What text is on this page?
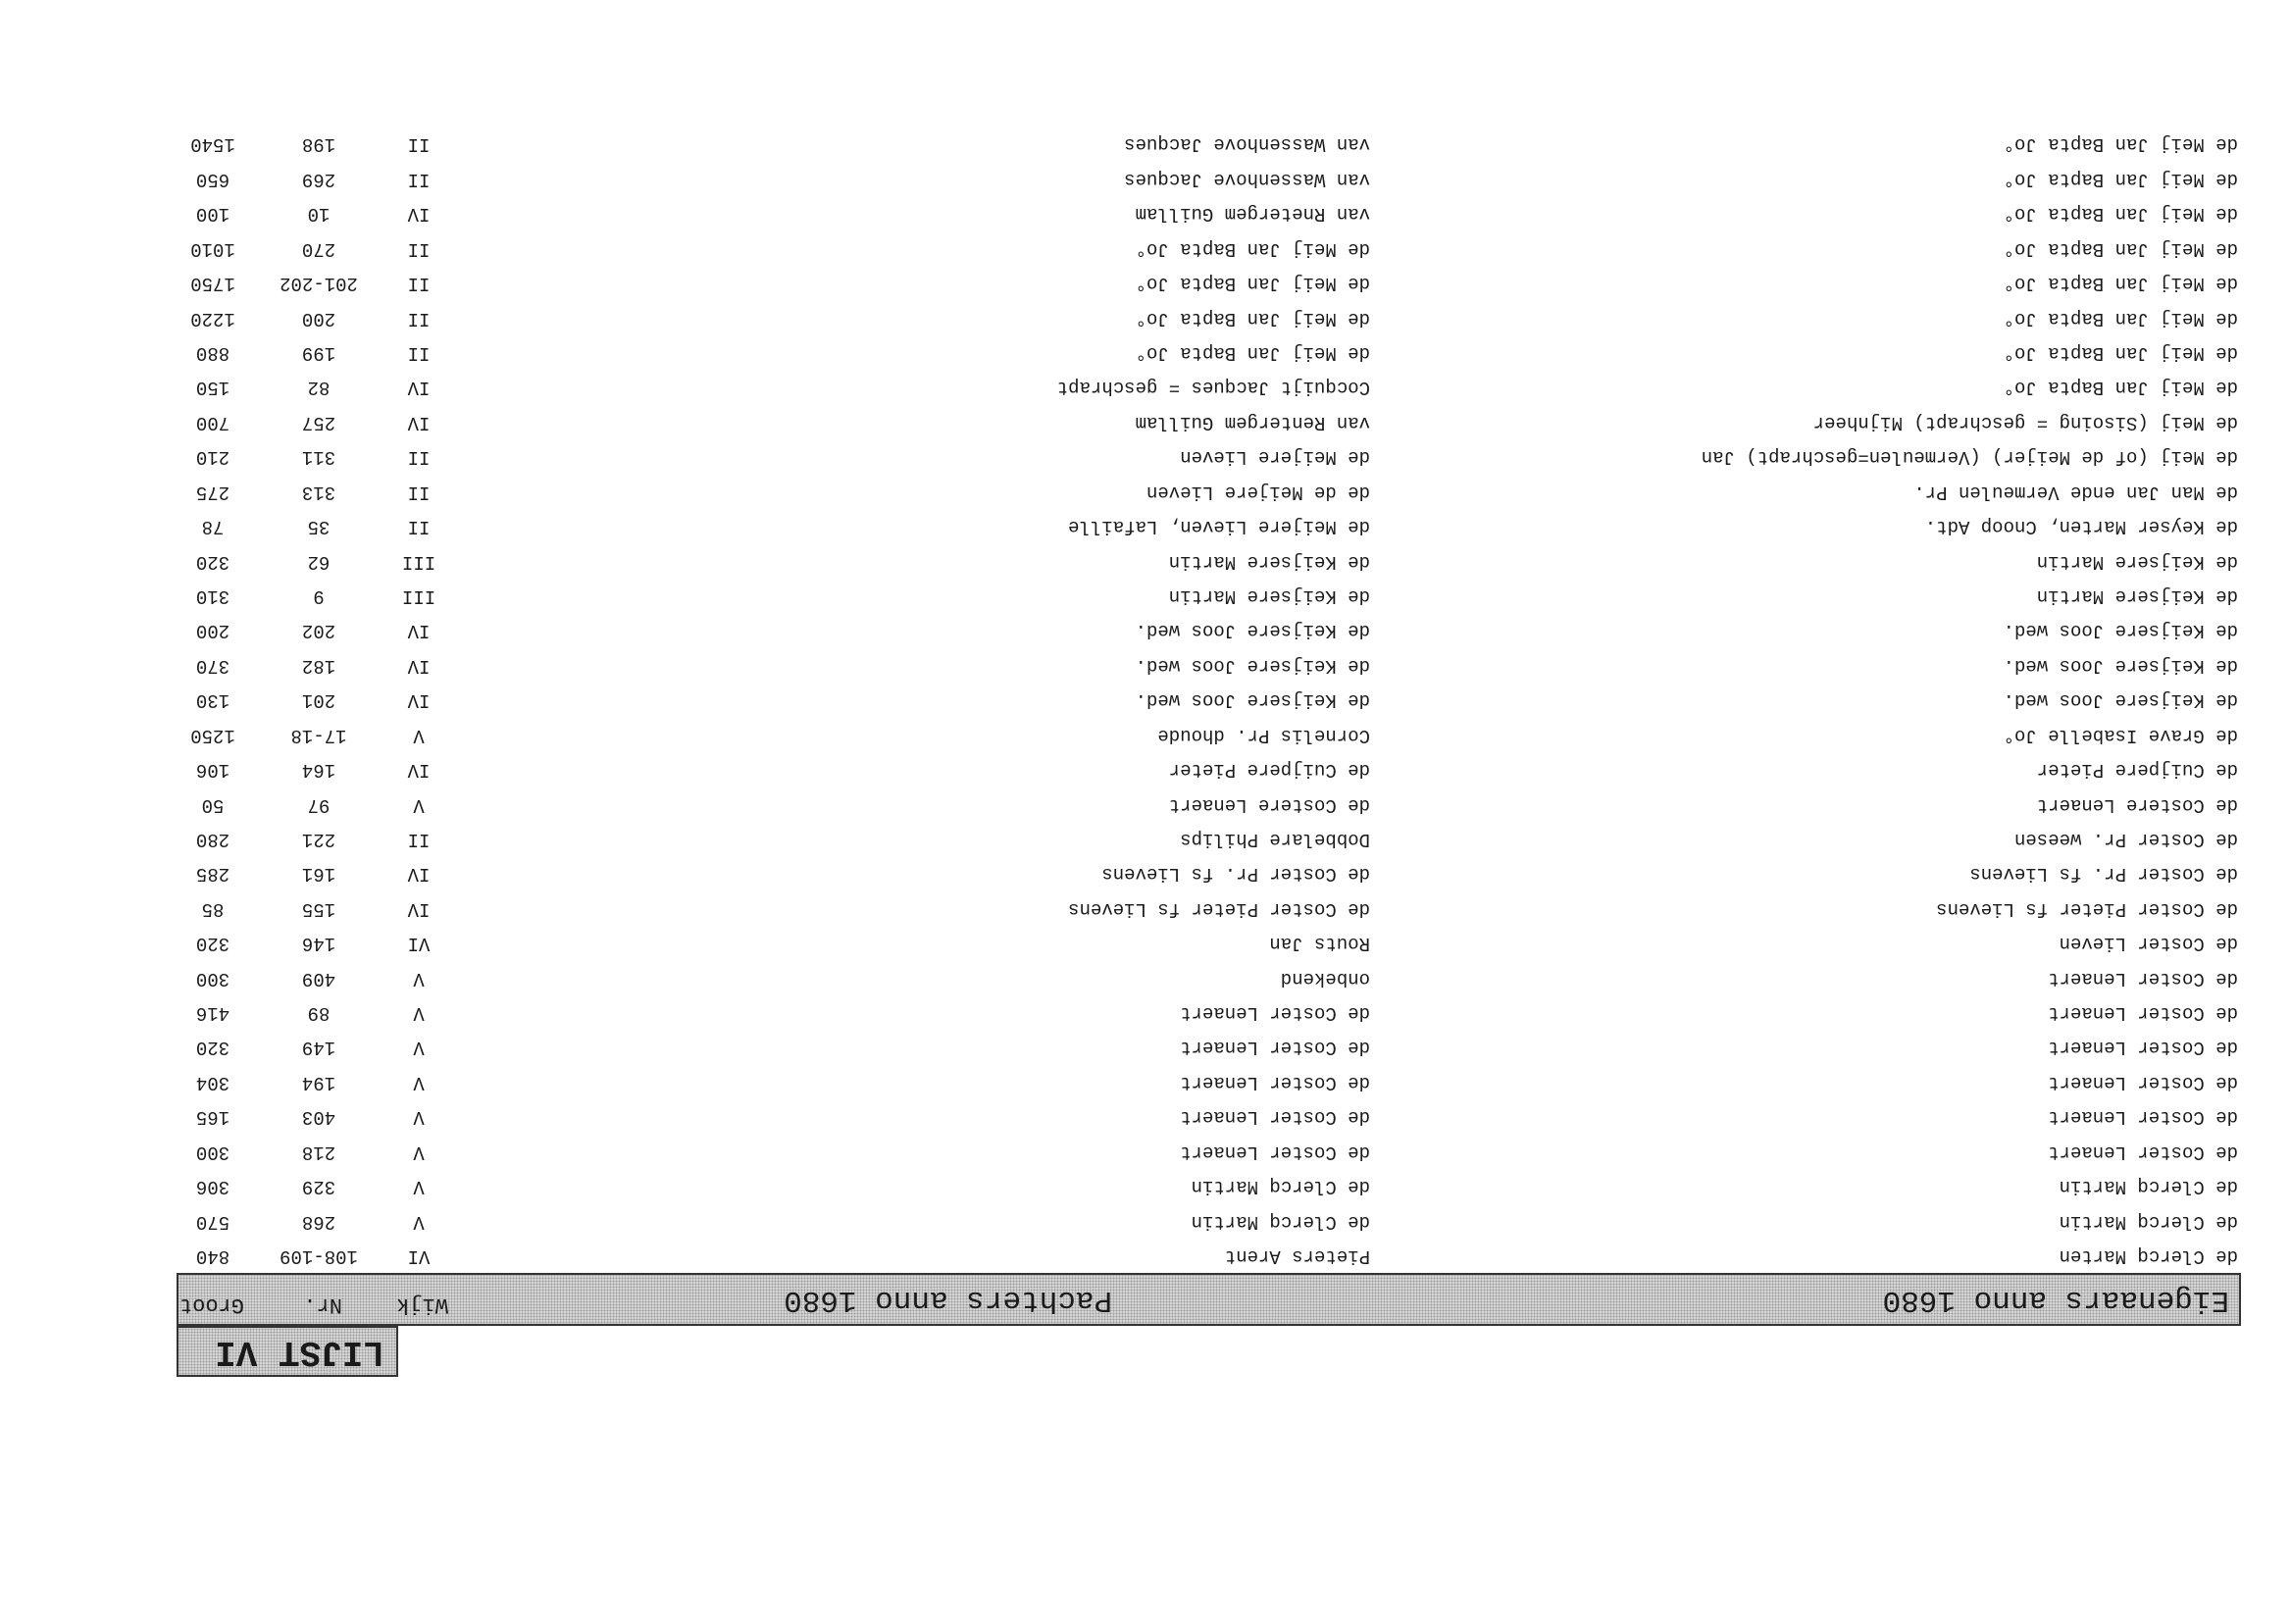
LIJST VI
Eigenaars anno 1680
Pachters anno 1680
Wijk
Nr.
Groot
de Clercq Marten
Pieters Arent
VI
108-109
840
de Clercq Martin
de Clercq Martin
V
268
570
de Clercq Martin
de Clercq Martin
V
329
306
de Coster Lenaert
de Coster Lenaert
V
218
300
de Coster Lenaert
de Coster Lenaert
V
403
165
de Coster Lenaert
de Coster Lenaert
V
194
304
de Coster Lenaert
de Coster Lenaert
V
149
320
de Coster Lenaert
de Coster Lenaert
V
89
416
de Coster Lenaert
onbekend
V
409
300
de Coster Lieven
Routs Jan
VI
146
320
de Coster Pieter fs Lievens
de Coster Pieter fs Lievens
IV
155
85
de Coster Pr. fs Lievens
de Coster Pr. fs Lievens
IV
161
285
de Coster Pr. weesen
Dobbelare Philips
II
221
280
de Costere Lenaert
de Costere Lenaert
V
97
50
de Cuijpere Pieter
de Cuijpere Pieter
IV
164
106
de Grave Isabelle Jo°
Cornelis Pr. dhoude
V
17-18
1250
de Keijsere Joos wed.
de Keijsere Joos wed.
IV
201
130
de Keijsere Joos wed.
de Keijsere Joos wed.
IV
182
370
de Keijsere Joos wed.
de Keijsere Joos wed.
IV
202
200
de Keijsere Martin
de Keijsere Martin
III
9
310
de Keijsere Martin
de Keijsere Martin
III
62
320
de Keyser Marten, Cnoop Adt.
de Meijere Lieven, Lafaille
II
35
78
de Man Jan ende Vermeulen Pr.
de de Meijere Lieven
II
313
275
de Meij (of de Meijer) (Vermeulen=geschrapt) Jan
de Meijere Lieven
II
311
210
de Meij (Sisoing = geschrapt) Mijnheer
van Rentergem Guillam
IV
257
700
de Meij Jan Bapta Jo°
Cocquijt Jacques = geschrapt
IV
82
150
de Meij Jan Bapta Jo°
de Meij Jan Bapta Jo°
II
199
880
de Meij Jan Bapta Jo°
de Meij Jan Bapta Jo°
II
200
1220
de Meij Jan Bapta Jo°
de Meij Jan Bapta Jo°
II
201-202
1750
de Meij Jan Bapta Jo°
de Meij Jan Bapta Jo°
II
270
1010
de Meij Jan Bapta Jo°
van Rnetergem Guillam
IV
10
100
de Meij Jan Bapta Jo°
van Wassenhove Jacques
II
269
650
de Meij Jan Bapta Jo°
van Wassenhove Jacques
II
198
1540
